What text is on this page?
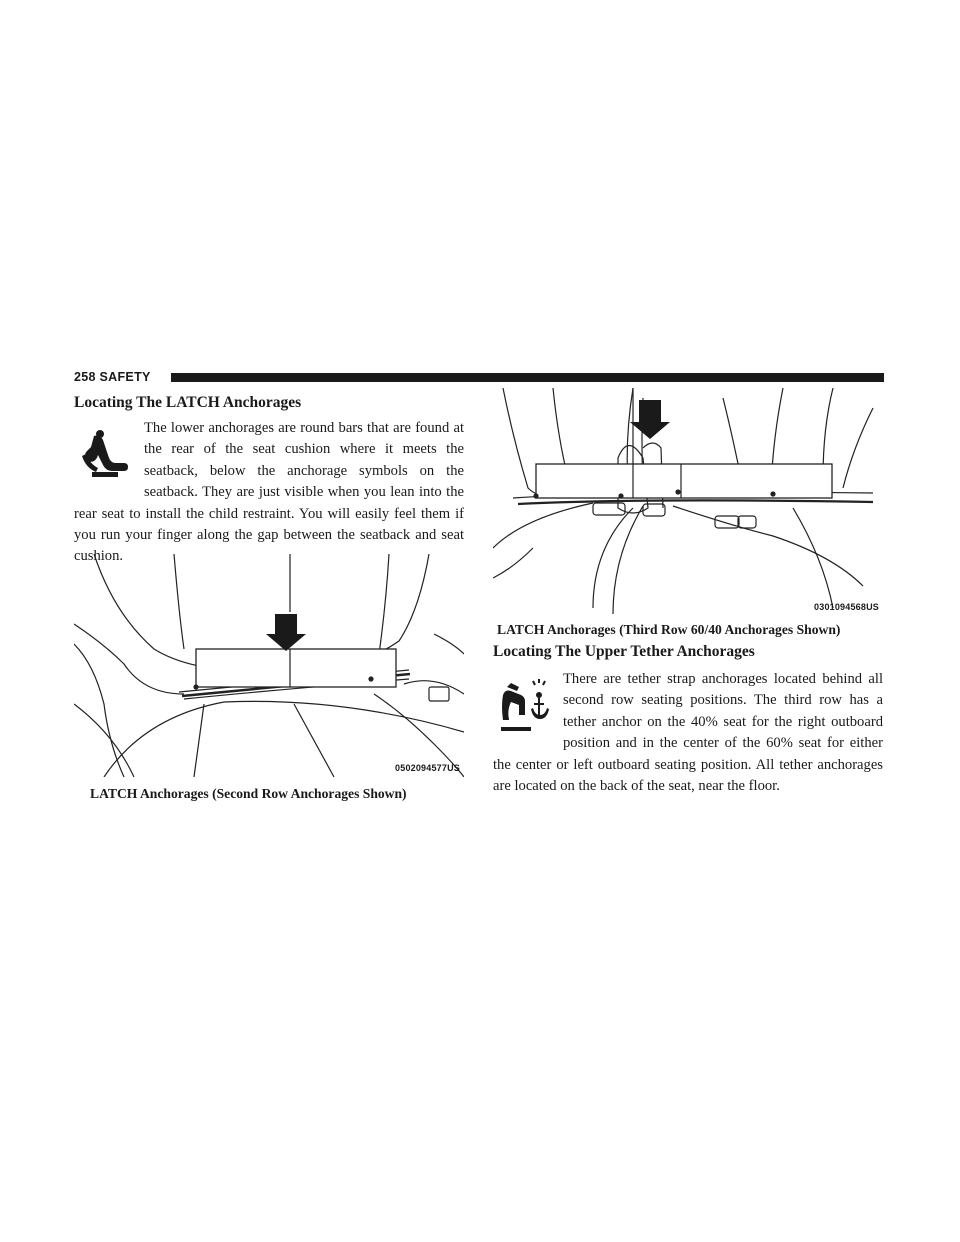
258 SAFETY
Locating The LATCH Anchorages
The lower anchorages are round bars that are found at the rear of the seat cushion where it meets the seatback, below the anchorage symbols on the seatback. They are just visible when you lean into the rear seat to install the child restraint. You will easily feel them if you run your finger along the gap between the seatback and seat cushion.
0502094577US
LATCH Anchorages (Second Row Anchorages Shown)
0301094568US
LATCH Anchorages (Third Row 60/40 Anchorages Shown)
Locating The Upper Tether Anchorages
There are tether strap anchorages located behind all second row seating positions. The third row has a tether anchor on the 40% seat for the right outboard position and in the center of the 60% seat for either the center or left outboard seating position. All tether anchorages are located on the back of the seat, near the floor.
